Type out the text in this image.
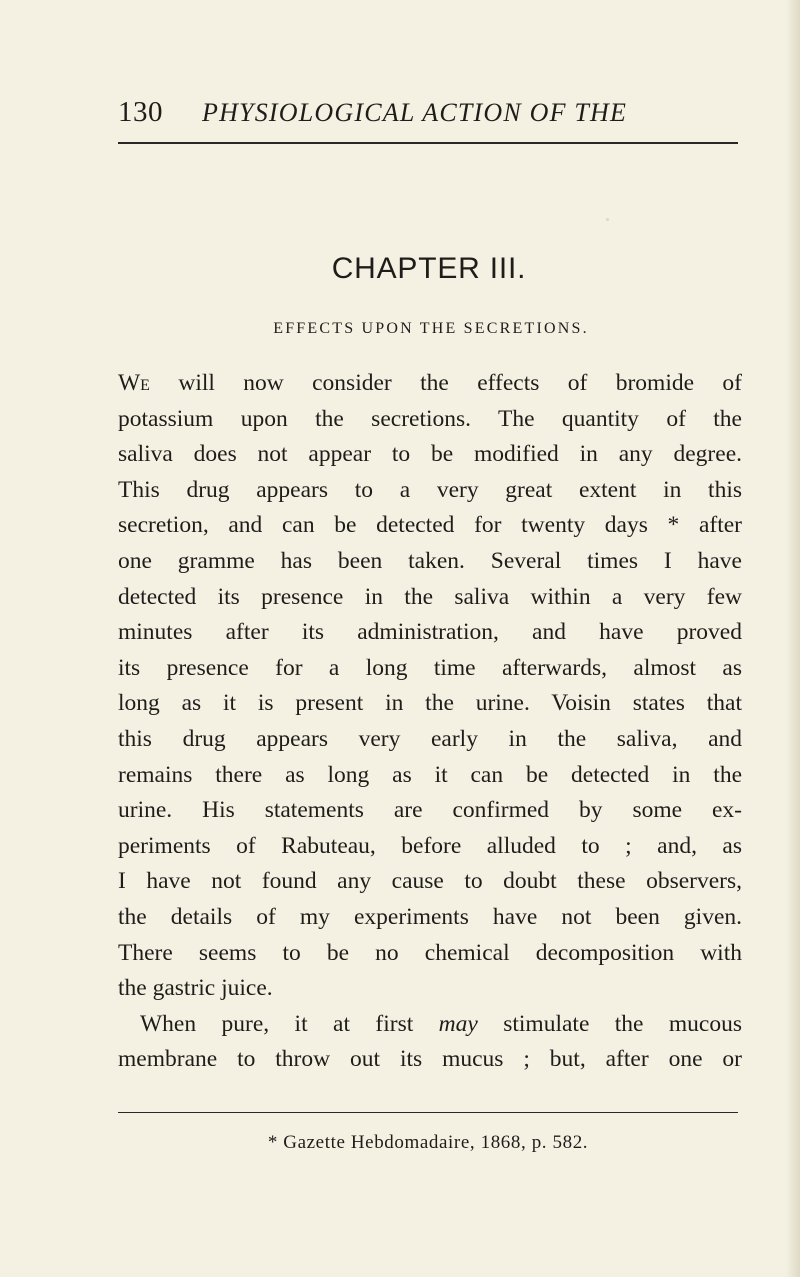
130 PHYSIOLOGICAL ACTION OF THE
CHAPTER III.
EFFECTS UPON THE SECRETIONS.
We will now consider the effects of bromide of
potassium upon the secretions. The quantity of the
saliva does not appear to be modified in any degree.
This drug appears to a very great extent in this
secretion, and can be detected for twenty days * after
one gramme has been taken. Several times I have
detected its presence in the saliva within a very few
minutes after its administration, and have proved
its presence for a long time afterwards, almost as
long as it is present in the urine. Voisin states that
this drug appears very early in the saliva, and
remains there as long as it can be detected in the
urine. His statements are confirmed by some ex-
periments of Rabuteau, before alluded to ; and, as
I have not found any cause to doubt these observers,
the details of my experiments have not been given.
There seems to be no chemical decomposition with
the gastric juice.
When pure, it at first may stimulate the mucous
membrane to throw out its mucus ; but, after one or
* Gazette Hebdomadaire, 1868, p. 582.
